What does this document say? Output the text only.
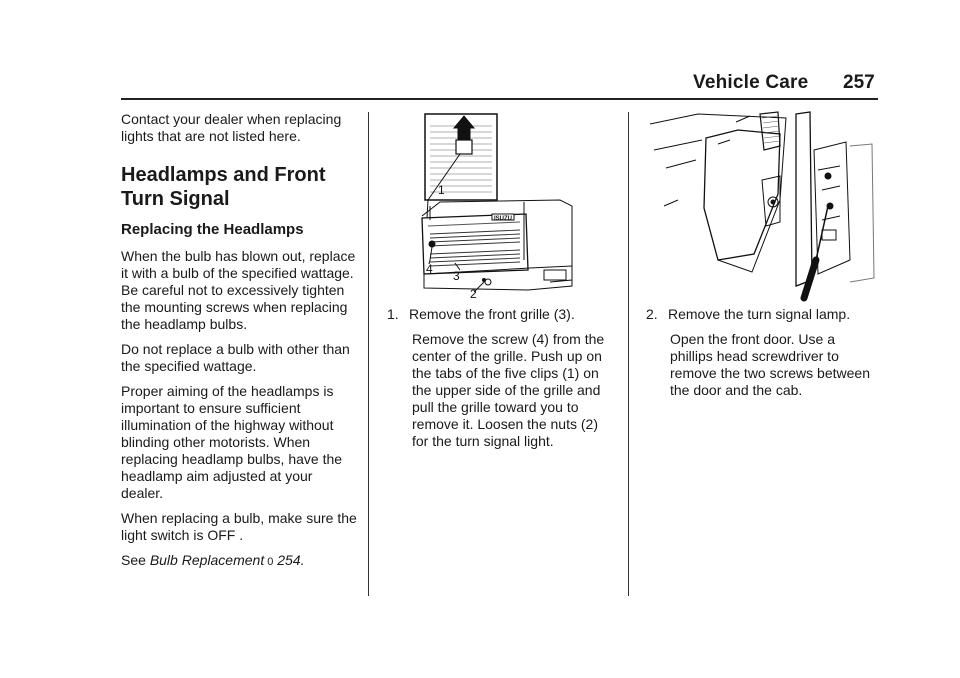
Vehicle Care 257

Contact your dealer when replacing lights that are not listed here.

Headlamps and Front
Turn Signal
Replacing the Headlamps

When the bulb has blown out, replace it with a bulb of the specified wattage. Be careful not to excessively tighten the mounting screws when replacing the headlamp bulbs.

Do not replace a bulb with other than the specified wattage.

Proper aiming of the headlamps is important to ensure sufficient illumination of the highway without blinding other motorists. When replacing headlamp bulbs, have the headlamp aim adjusted at your dealer.

When replacing a bulb, make sure the light switch is OFF .

See Bulb Replacement 0 254.

1
4 3
2
ISUZU
1. Remove the front grille (3).
Remove the screw (4) from the center of the grille. Push up on the tabs of the five clips (1) on the upper side of the grille and pull the grille toward you to remove it. Loosen the nuts (2) for the turn signal light.
2. Remove the turn signal lamp.
Open the front door. Use a phillips head screwdriver to remove the two screws between the door and the cab.
